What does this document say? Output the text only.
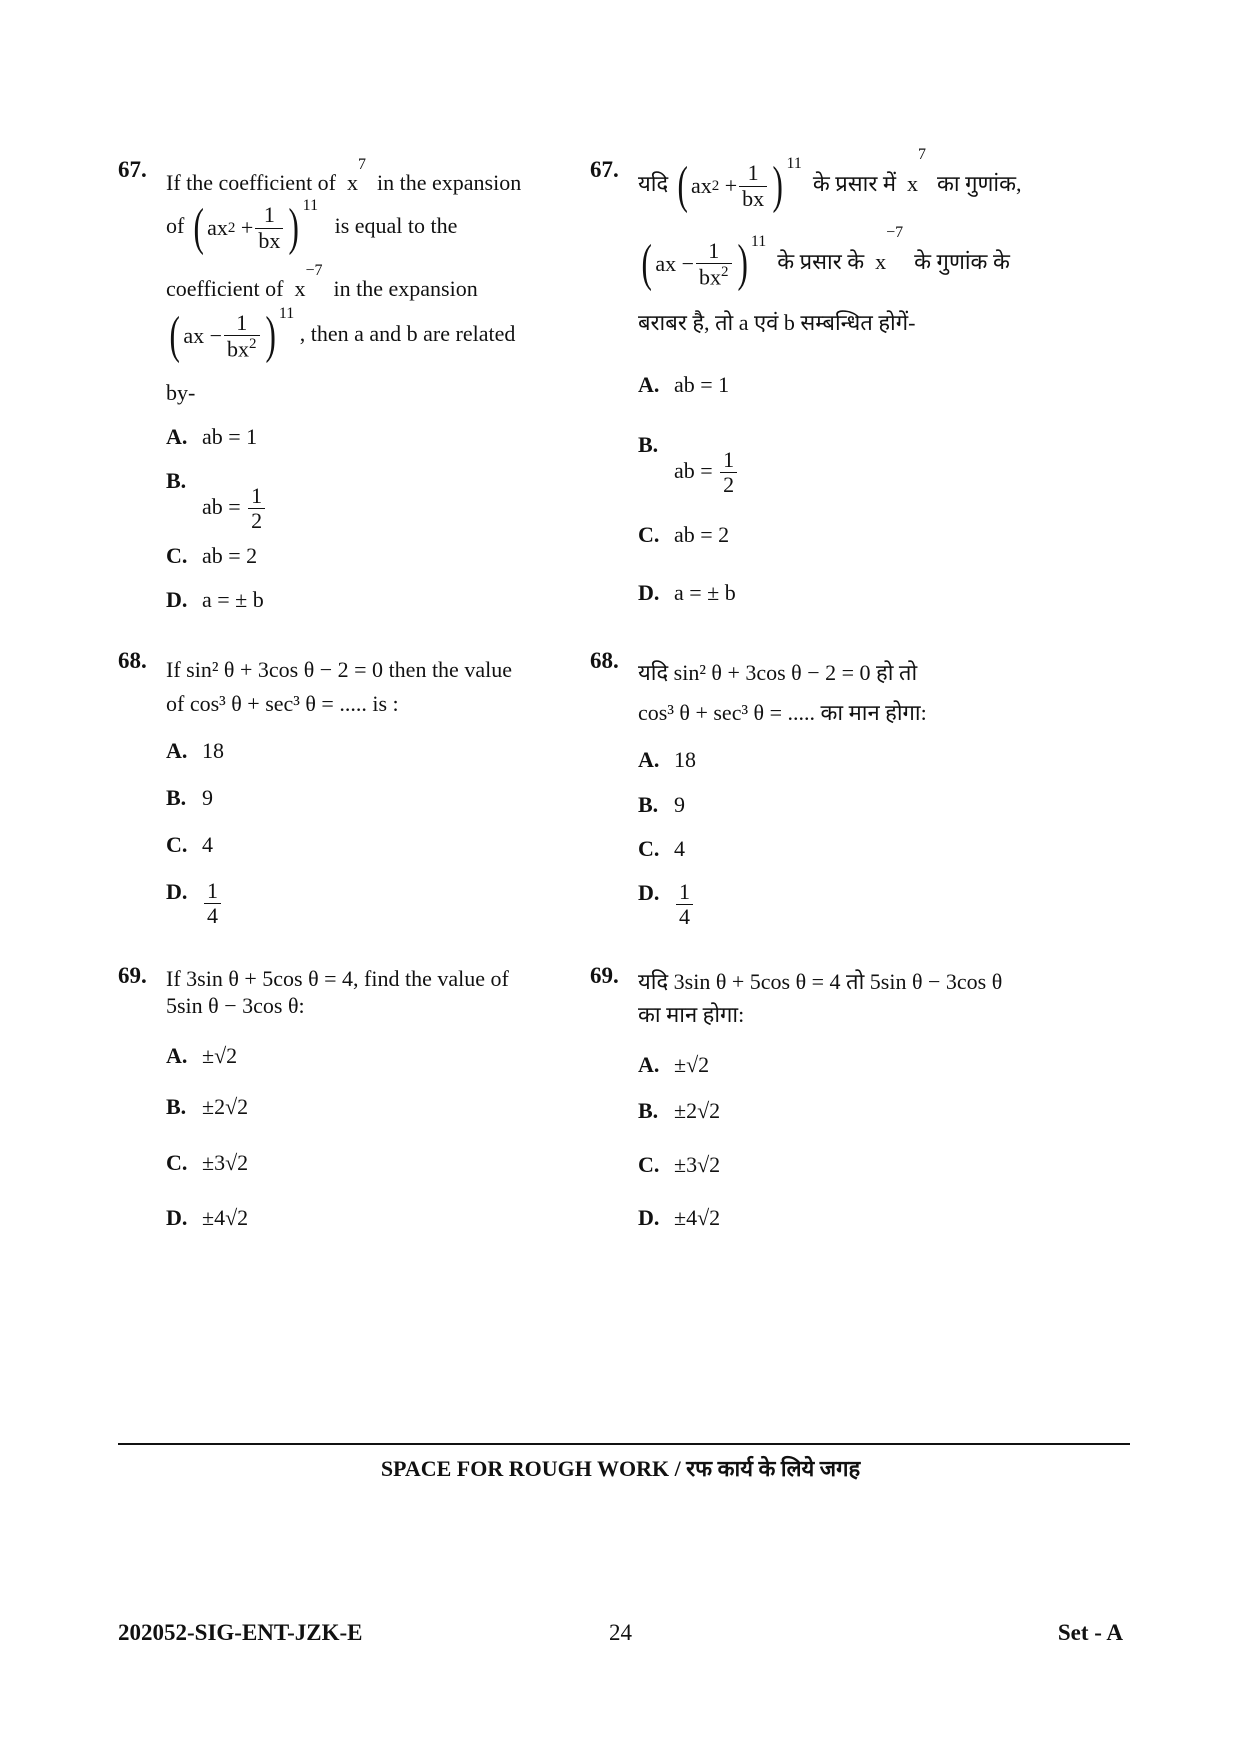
67.
If the coefficient of $x^7$  in the expansion
of ( ax 2
+ $\frac{1}{bx}$ ) 11
is equal to the
coefficient of $x^{-7}$  in the expansion
( ax − $\frac{1}{bx^2}$ ) 11
, then a and b are related
by-
A. ab = 1
$B.ab = \frac{1}{2}$
C. ab = 2
D. a = ± b
68. If sin² θ + 3cos θ − 2 = 0 then the value
of cos³ θ + sec³ θ = ..... is :
A. 18
B. 9
C. 4
D. $\frac{1}{4}$
69. If 3sin θ + 5cos θ = 4, find the value of
5sin θ − 3cos θ:
A. ±√2
B. ±2√2
C. ±3√2
D. ±4√2
67.
यदि ( ax 2
+ $\frac{1}{bx}$ ) 11
के प्रसार में $x^7$  का गुणांक,
( ax − $\frac{1}{bx^2}$ ) 11
के प्रसार के $x^{-7}$  के गुणांक के
बराबर है, तो a एवं b सम्बन्धित होगें-
A. ab = 1
$B.ab = \frac{1}{2}$
C. ab = 2
D. a = ± b
68. यदि sin² θ + 3cos θ − 2 = 0 हो तो
cos³ θ + sec³ θ = ..... का मान होगा:
A. 18
B. 9
C. 4
D. $\frac{1}{4}$
69. यदि 3sin θ + 5cos θ = 4 तो 5sin θ − 3cos θ
का मान होगा:
A. ±√2
B. ±2√2
C. ±3√2
D. ±4√2
SPACE FOR ROUGH WORK / रफ कार्य के लिये जगह
202052-SIG-ENT-JZK-E	24	Set - A
